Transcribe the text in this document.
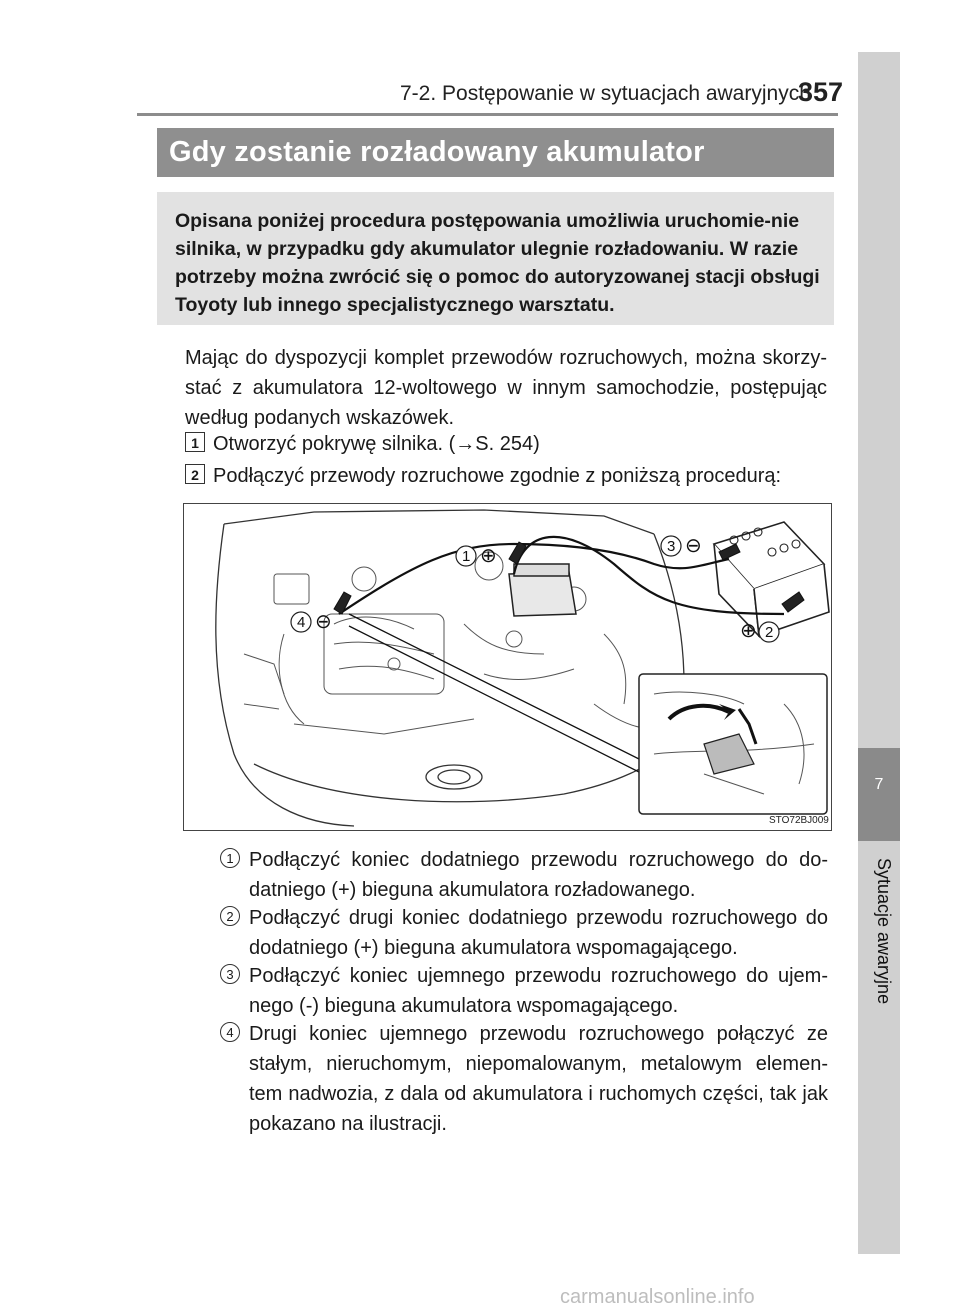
7-2. Postępowanie w sytuacjach awaryjnych
357
7
Sytuacje awaryjne
Gdy zostanie rozładowany akumulator
Opisana poniżej procedura postępowania umożliwia uruchomie-nie silnika, w przypadku gdy akumulator ulegnie rozładowaniu. W razie potrzeby można zwrócić się o pomoc do autoryzowanej stacji obsługi Toyoty lub innego specjalistycznego warsztatu.

Mając do dyspozycji komplet przewodów rozruchowych, można skorzy-stać z akumulatora 12-woltowego w innym samochodzie, postępując według podanych wskazówek.

1 Otworzyć pokrywę silnika. (→S. 254)
2 Podłączyć przewody rozruchowe zgodnie z poniższą procedurą:
1 ⊕
⊕ 2
3 ⊖
4 ⊖
STO72BJ009
1 Podłączyć koniec dodatniego przewodu rozruchowego do do-datniego (+) bieguna akumulatora rozładowanego.
2 Podłączyć drugi koniec dodatniego przewodu rozruchowego do dodatniego (+) bieguna akumulatora wspomagającego.
3 Podłączyć koniec ujemnego przewodu rozruchowego do ujem-nego (-) bieguna akumulatora wspomagającego.
4 Drugi koniec ujemnego przewodu rozruchowego połączyć ze stałym, nieruchomym, niepomalowanym, metalowym elemen-tem nadwozia, z dala od akumulatora i ruchomych części, tak jak pokazano na ilustracji.
carmanualsonline.info
